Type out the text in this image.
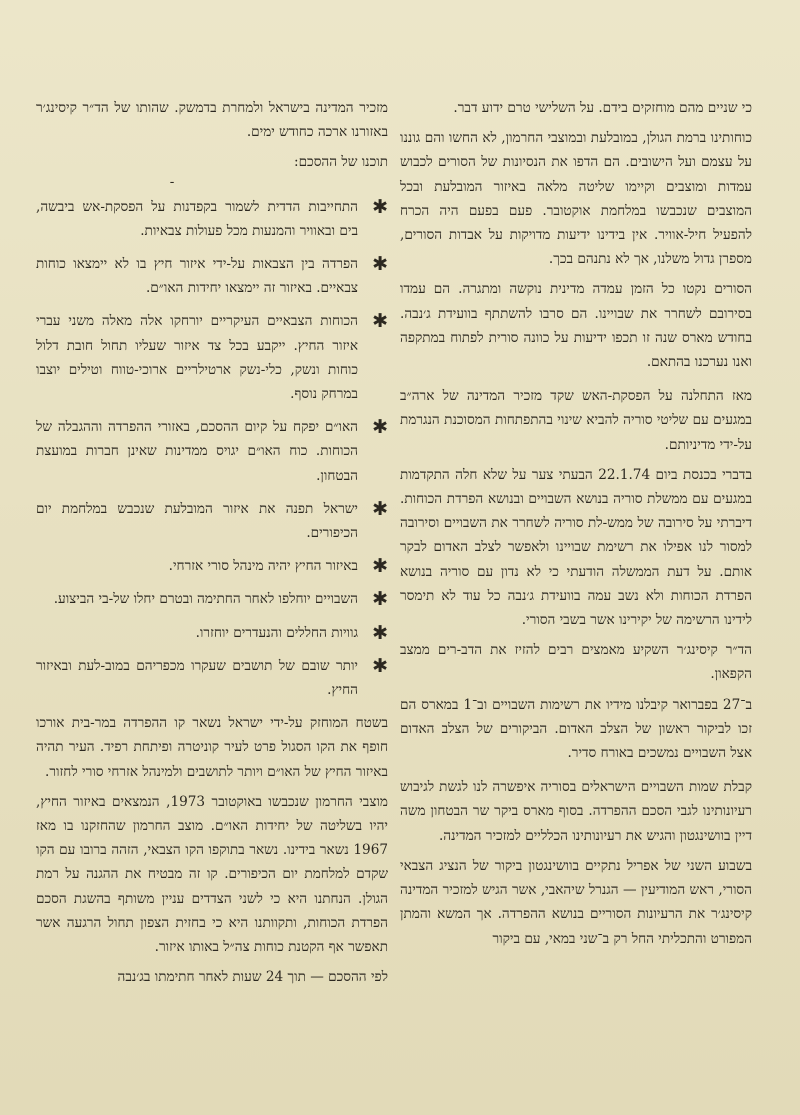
כי שניים מהם מוחזקים בידם. על השלישי טרם ידוע דבר.

כוחותינו ברמת הגולן, במובלעת ובמוצבי החרמון, לא החשו והם גוננו על עצמם ועל הישובים. הם הדפו את הנסיונות של הסורים לכבוש עמדות ומוצבים וקיימו שליטה מלאה באיזור המובלעת ובכל המוצבים שנכבשו במלחמת אוקטובר. פעם בפעם היה הכרח להפעיל חיל-אוויר. אין בידינו ידיעות מדויקות על אבדות הסורים, מספרן גדול משלנו, אך לא נתנהם בכך.

הסורים נקטו כל הזמן עמדה מדינית נוקשה ומתגרה. הם עמדו בסירובם לשחרר את שבויינו. הם סרבו להשתתף בוועידת ג׳נבה. בחודש מארס שנה זו תכפו ידיעות על כוונה סורית לפתוח במתקפה ואנו נערכנו בהתאם.

מאז התחלנה על הפסקת-האש שקד מזכיר המדינה של ארה״ב במגעים עם שליטי סוריה להביא שינוי בהתפתחות המסוכנת הנגרמת על-ידי מדיניותם.

בדברי בכנסת ביום 22.1.74 הבעתי צער על שלא חלה התקדמות במגעים עם ממשלת סוריה בנושא השבויים ובנושא הפרדת הכוחות. דיברתי על סירובה של ממש-לת סוריה לשחרר את השבויים וסירובה למסור לנו אפילו את רשימת שבויינו ולאפשר לצלב האדום לבקר אותם. על דעת הממשלה הודעתי כי לא נדון עם סוריה בנושא הפרדת הכוחות ולא נשב עמה בוועידת ג׳נבה כל עוד לא תימסר לידינו הרשימה של יקירינו אשר בשבי הסורי.

הד״ר קיסינג׳ר השקיע מאמצים רבים להזיז את הדב-רים ממצב הקפאון.

ב־27 בפברואר קיבלנו מידיו את רשימות השבויים וב־1 במארס הם זכו לביקור ראשון של הצלב האדום. הביקורים של הצלב האדום אצל השבויים נמשכים באורח סדיר.

קבלת שמות השבויים הישראלים בסוריה איפשרה לנו לגשת לגיבוש רעיונותינו לגבי הסכם ההפרדה. בסוף מארס ביקר שר הבטחון משה דיין בוושינגטון והגיש את רעיונותינו הכלליים למזכיר המדינה.

בשבוע השני של אפריל נתקיים בוושינגטון ביקור של הנציג הצבאי הסורי, ראש המודיעין — הגנרל שיהאבי, אשר הגיש למזכיר המדינה קיסינג׳ר את הרעיונות הסוריים בנושא ההפרדה. אך המשא והמתן המפורט והתכליתי החל רק ב־שני במאי, עם ביקור

מזכיר המדינה בישראל ולמחרת בדמשק. שהותו של הד״ר קיסינג׳ר באזורנו ארכה כחודש ימים.

תוכנו של ההסכם:

-

✱
התחייבות הדדית לשמור בקפדנות על הפסקת-אש ביבשה, בים ובאוויר והמנעות מכל פעולות צבאיות.
✱
הפרדה בין הצבאות על-ידי איזור חיץ בו לא יימצאו כוחות צבאיים. באיזור זה יימצאו יחידות האו״ם.
✱
הכוחות הצבאיים העיקריים יורחקו אלה מאלה משני עברי איזור החיץ. ייקבע בכל צד איזור שעליו תחול חובת דלול כוחות ונשק, כלי-נשק ארטילריים ארוכי-טווח וטילים יוצבו במרחק נוסף.
✱
האו״ם יפקח על קיום ההסכם, באזורי ההפרדה וההגבלה של הכוחות. כוח האו״ם יגויס ממדינות שאינן חברות במועצת הבטחון.
✱
ישראל תפנה את איזור המובלעת שנכבש במלחמת יום הכיפורים.
✱
באיזור החיץ יהיה מינהל סורי אזרחי.
✱
השבויים יוחלפו לאחר החתימה ובטרם יחלו של-בי הביצוע.
✱
גוויות החללים והנעדרים יוחזרו.
✱
יותר שובם של תושבים שעקרו מכפריהם במוב-לעת ובאיזור החיץ.

בשטח המוחזק על-ידי ישראל נשאר קו ההפרדה במר-בית אורכו חופף את הקו הסגול פרט לעיר קוניטרה ופיתחת רפיד. העיר תהיה באיזור החיץ של האו״ם ויותר לתושבים ולמינהל אזרחי סורי לחזור.

מוצבי החרמון שנכבשו באוקטובר 1973, הנמצאים באיזור החיץ, יהיו בשליטה של יחידות האו״ם. מוצב החרמון שהחזקנו בו מאז 1967 נשאר בידינו. נשאר בתוקפו הקו הצבאי, הזהה ברובו עם הקו שקדם למלחמת יום הכיפורים. קו זה מבטיח את ההגנה על רמת הגולן. הנחתנו היא כי לשני הצדדים עניין משותף בהשגת הסכם הפרדת הכוחות, ותקוותנו היא כי בחזית הצפון תחול הרגעה אשר תאפשר אף הקטנת כוחות צה״ל באותו איזור.

לפי ההסכם — תוך 24 שעות לאחר חתימתו בג׳נבה
